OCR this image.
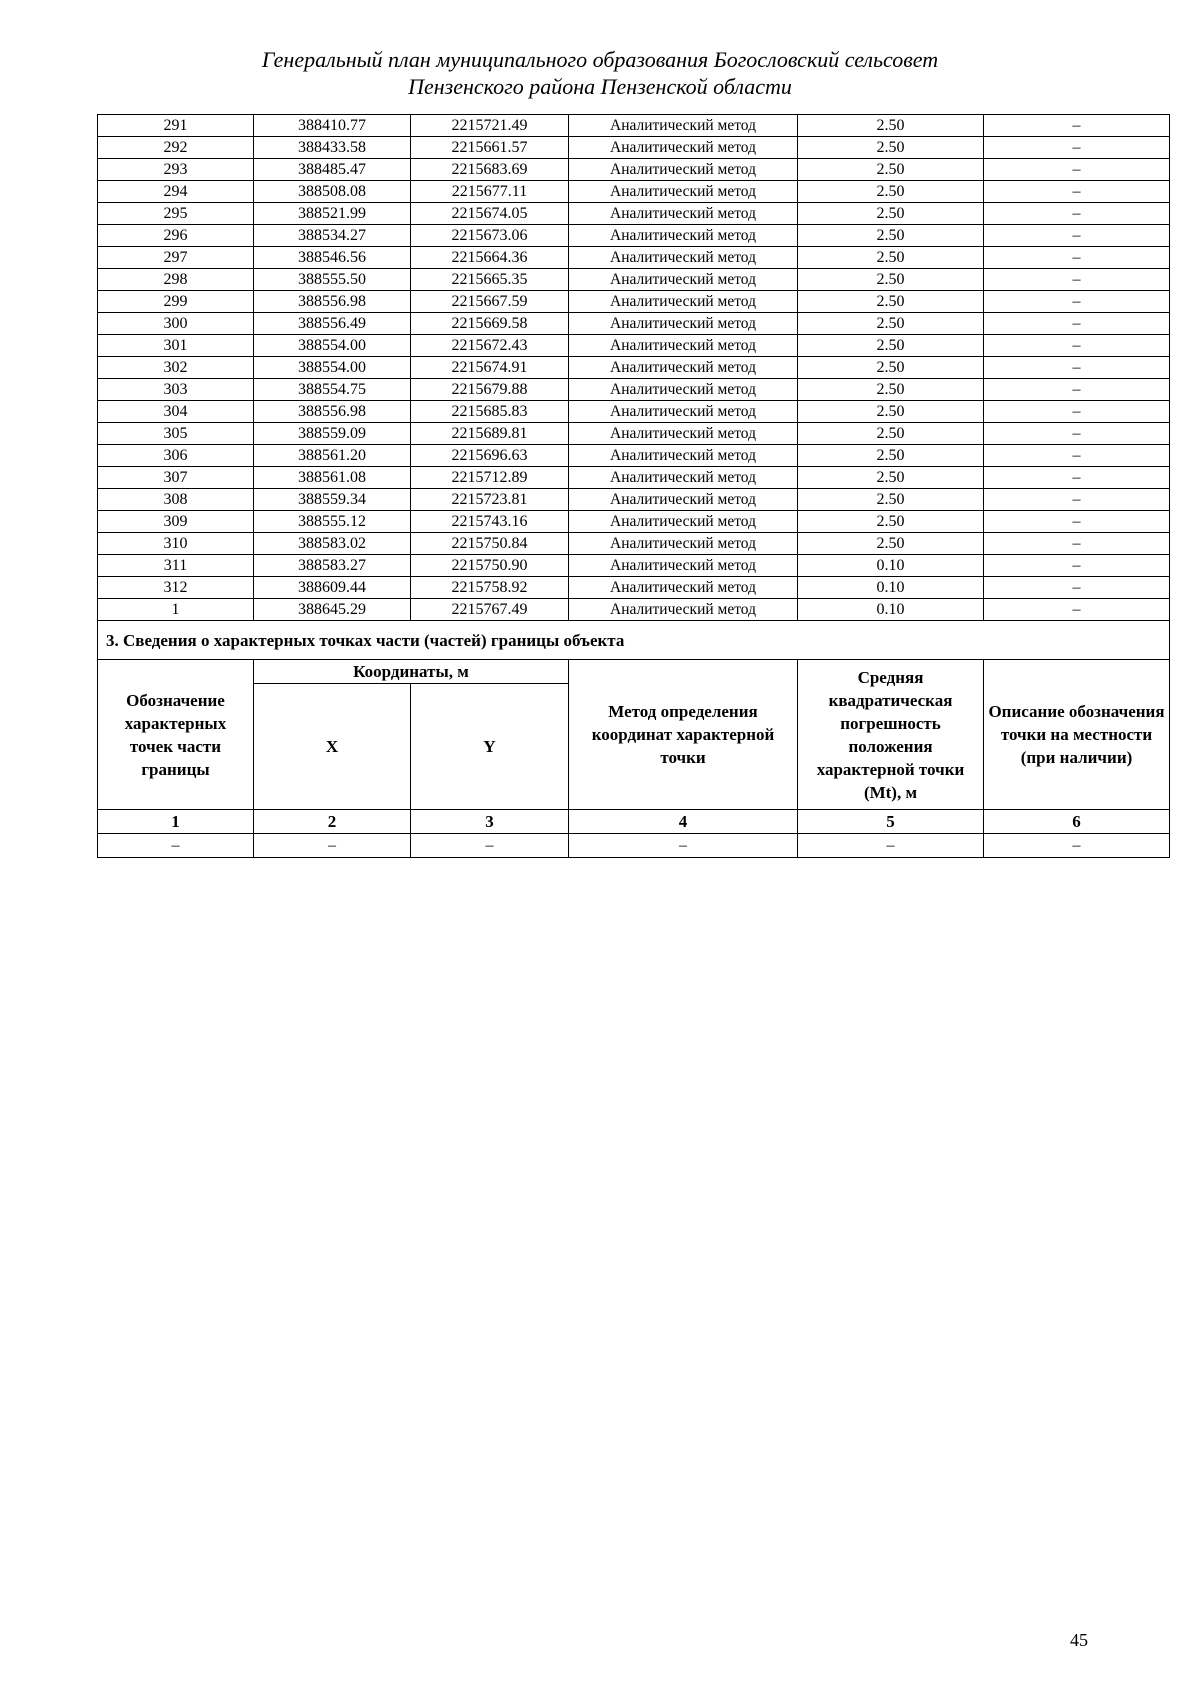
Генеральный план муниципального образования Богословский сельсовет
Пензенского района Пензенской области
291	388410.77	2215721.49	Аналитический метод	2.50	–
292	388433.58	2215661.57	Аналитический метод	2.50	–
293	388485.47	2215683.69	Аналитический метод	2.50	–
294	388508.08	2215677.11	Аналитический метод	2.50	–
295	388521.99	2215674.05	Аналитический метод	2.50	–
296	388534.27	2215673.06	Аналитический метод	2.50	–
297	388546.56	2215664.36	Аналитический метод	2.50	–
298	388555.50	2215665.35	Аналитический метод	2.50	–
299	388556.98	2215667.59	Аналитический метод	2.50	–
300	388556.49	2215669.58	Аналитический метод	2.50	–
301	388554.00	2215672.43	Аналитический метод	2.50	–
302	388554.00	2215674.91	Аналитический метод	2.50	–
303	388554.75	2215679.88	Аналитический метод	2.50	–
304	388556.98	2215685.83	Аналитический метод	2.50	–
305	388559.09	2215689.81	Аналитический метод	2.50	–
306	388561.20	2215696.63	Аналитический метод	2.50	–
307	388561.08	2215712.89	Аналитический метод	2.50	–
308	388559.34	2215723.81	Аналитический метод	2.50	–
309	388555.12	2215743.16	Аналитический метод	2.50	–
310	388583.02	2215750.84	Аналитический метод	2.50	–
311	388583.27	2215750.90	Аналитический метод	0.10	–
312	388609.44	2215758.92	Аналитический метод	0.10	–
1	388645.29	2215767.49	Аналитический метод	0.10	–
3. Сведения о характерных точках части (частей) границы объекта					
Обозначение характерных точек части границы	Координаты, м		Метод определения координат характерной точки	Средняя квадратическая погрешность положения характерной точки (Mt), м	Описание обозначения точки на местности (при наличии)
	X	Y			
1	2	3	4	5	6
–	–	–	–	–	–
45
